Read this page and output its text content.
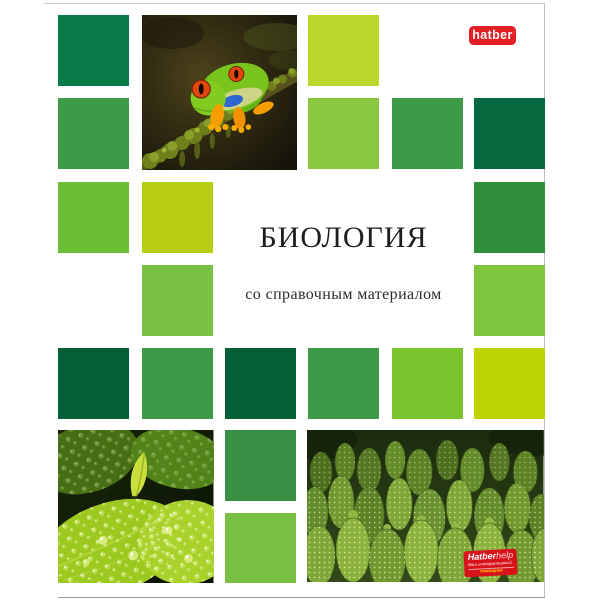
БИОЛОГИЯ
со справочным материалом
hatber
Hatberhelp
Ваш интерактивный
помощник
